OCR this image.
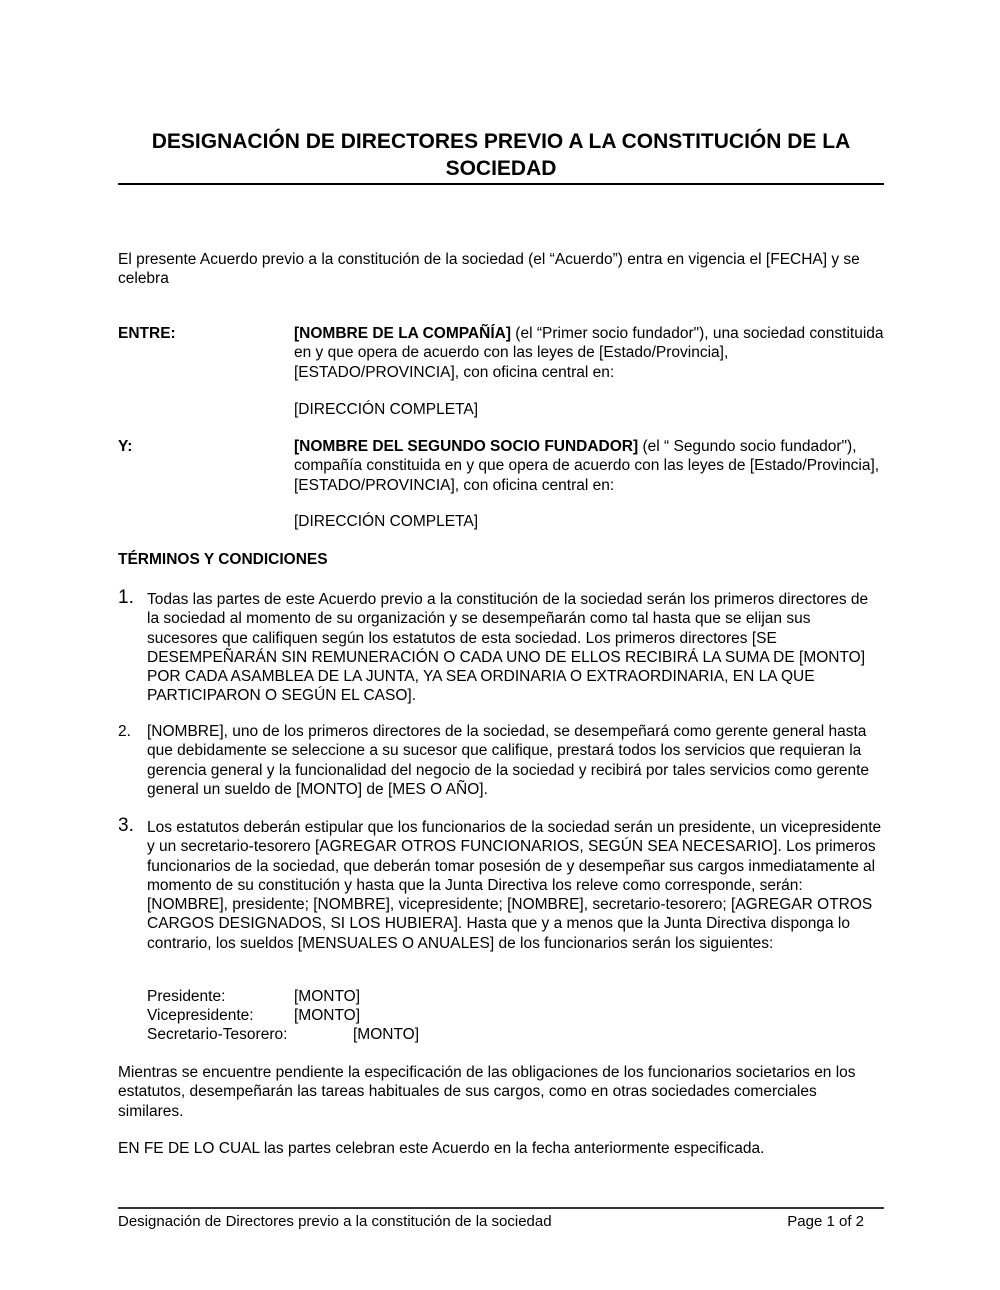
DESIGNACIÓN DE DIRECTORES PREVIO A LA CONSTITUCIÓN DE LA SOCIEDAD
El presente Acuerdo previo a la constitución de la sociedad (el “Acuerdo”) entra en vigencia el [FECHA] y se celebra
ENTRE:	[NOMBRE DE LA COMPAÑÍA] (el “Primer socio fundador"), una sociedad constituida en y que opera de acuerdo con las leyes de [Estado/Provincia], [ESTADO/PROVINCIA], con oficina central en:
[DIRECCIÓN COMPLETA]
Y:	[NOMBRE DEL SEGUNDO SOCIO FUNDADOR] (el “ Segundo socio fundador"), compañía constituida en y que opera de acuerdo con las leyes de [Estado/Provincia], [ESTADO/PROVINCIA], con oficina central en:
[DIRECCIÓN COMPLETA]
TÉRMINOS Y CONDICIONES
1. Todas las partes de este Acuerdo previo a la constitución de la sociedad serán los primeros directores de la sociedad al momento de su organización y se desempeñarán como tal hasta que se elijan sus sucesores que califiquen según los estatutos de esta sociedad. Los primeros directores [SE DESEMPEÑARÁN SIN REMUNERACIÓN O CADA UNO DE ELLOS RECIBIRÁ LA SUMA DE [MONTO] POR CADA ASAMBLEA DE LA JUNTA, YA SEA ORDINARIA O EXTRAORDINARIA, EN LA QUE PARTICIPARON O SEGÚN EL CASO].
2. [NOMBRE], uno de los primeros directores de la sociedad, se desempeñará como gerente general hasta que debidamente se seleccione a su sucesor que califique, prestará todos los servicios que requieran la gerencia general y la funcionalidad del negocio de la sociedad y recibirá por tales servicios como gerente general un sueldo de [MONTO] de [MES O AÑO].
3. Los estatutos deberán estipular que los funcionarios de la sociedad serán un presidente, un vicepresidente y un secretario-tesorero [AGREGAR OTROS FUNCIONARIOS, SEGÚN SEA NECESARIO]. Los primeros funcionarios de la sociedad, que deberán tomar posesión de y desempeñar sus cargos inmediatamente al momento de su constitución y hasta que la Junta Directiva los releve como corresponde, serán: [NOMBRE], presidente; [NOMBRE], vicepresidente; [NOMBRE], secretario-tesorero; [AGREGAR OTROS CARGOS DESIGNADOS, SI LOS HUBIERA]. Hasta que y a menos que la Junta Directiva disponga lo contrario, los sueldos [MENSUALES O ANUALES] de los funcionarios serán los siguientes:
Presidente:	[MONTO]
Vicepresidente:	[MONTO]
Secretario-Tesorero:	[MONTO]
Mientras se encuentre pendiente la especificación de las obligaciones de los funcionarios societarios en los estatutos, desempeñarán las tareas habituales de sus cargos, como en otras sociedades comerciales similares.
EN FE DE LO CUAL las partes celebran este Acuerdo en la fecha anteriormente especificada.
Designación de Directores previo a la constitución de la sociedad	Page 1 of 2
